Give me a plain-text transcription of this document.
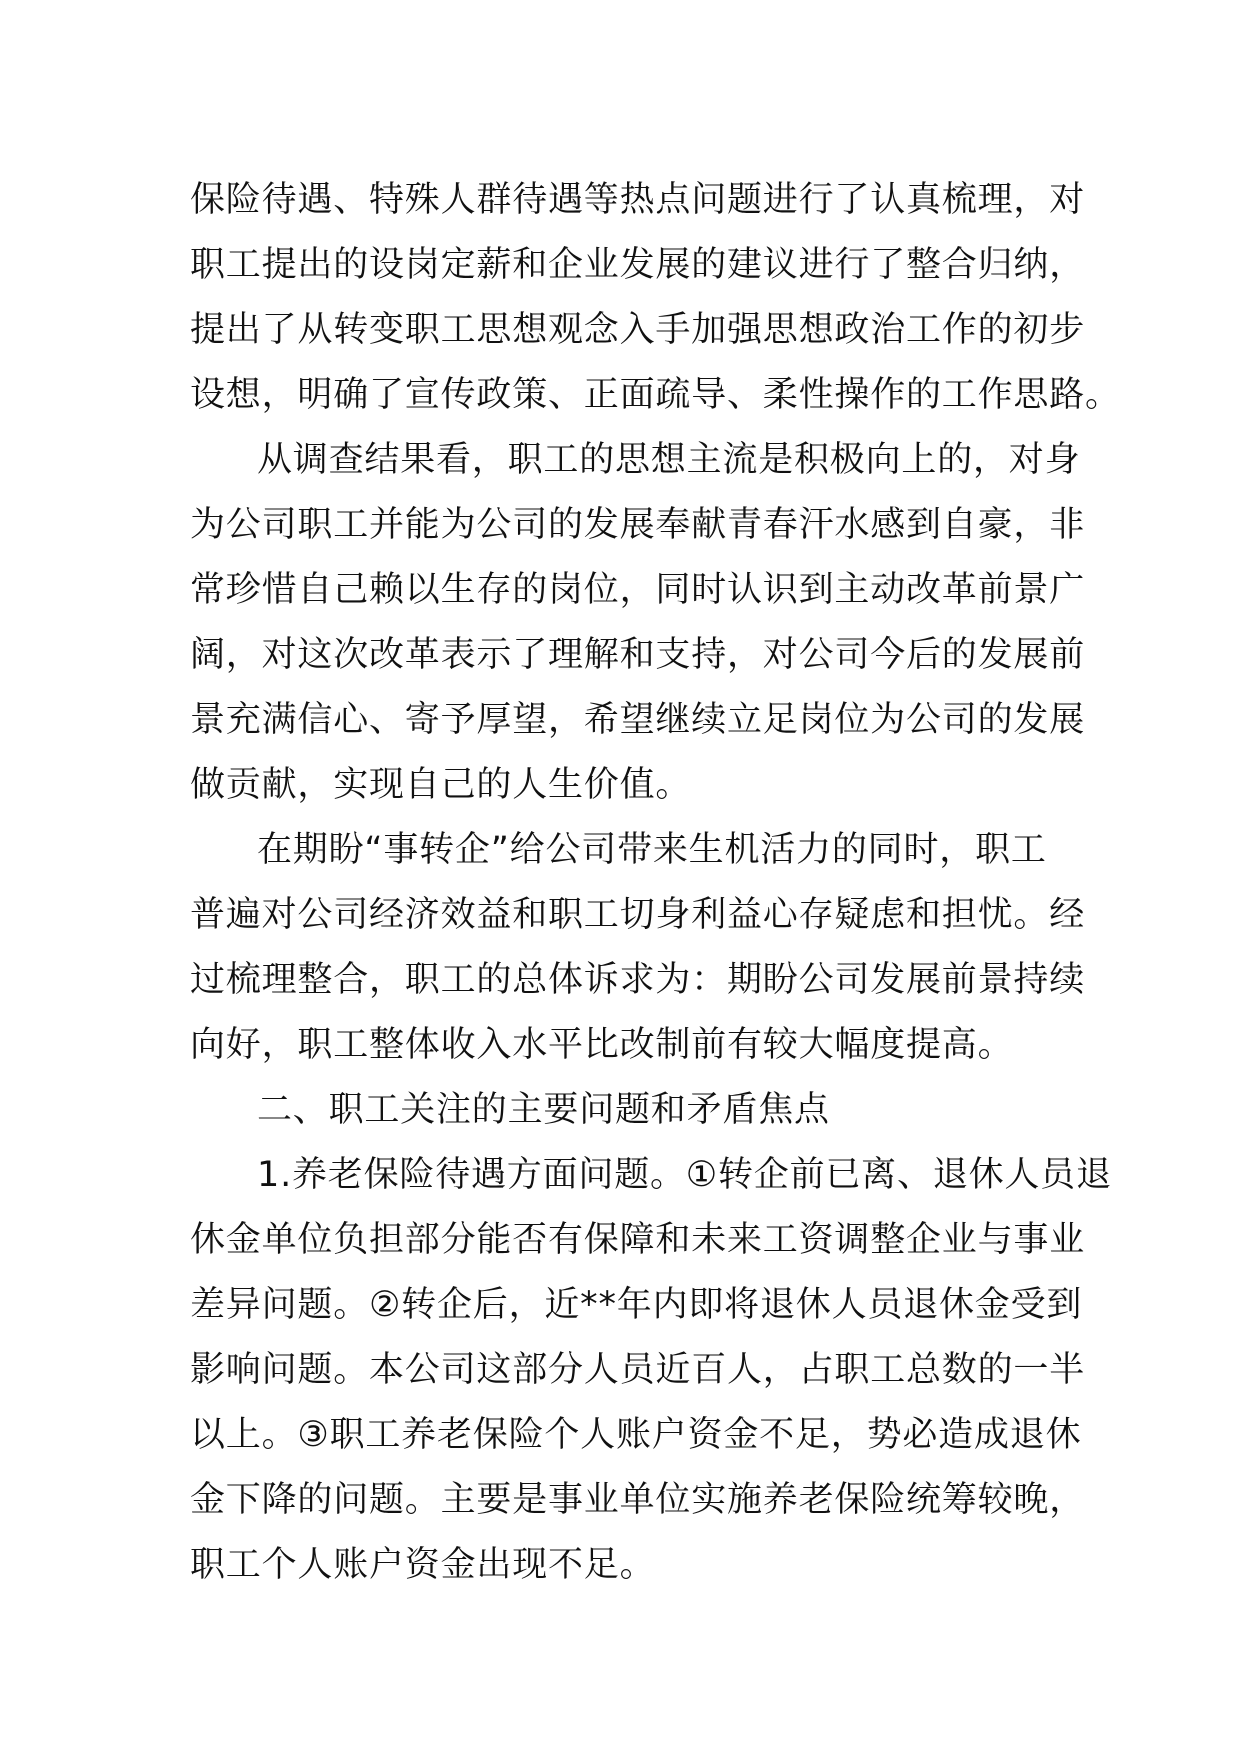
保险待遇、特殊人群待遇等热点问题进行了认真梳理，对

职工提出的设岗定薪和企业发展的建议进行了整合归纳，

提出了从转变职工思想观念入手加强思想政治工作的初步

设想，明确了宣传政策、正面疏导、柔性操作的工作思路。

从调查结果看，职工的思想主流是积极向上的，对身

为公司职工并能为公司的发展奉献青春汗水感到自豪，非

常珍惜自己赖以生存的岗位，同时认识到主动改革前景广

阔，对这次改革表示了理解和支持，对公司今后的发展前

景充满信心、寄予厚望，希望继续立足岗位为公司的发展

做贡献，实现自己的人生价值。

在期盼“事转企”给公司带来生机活力的同时，职工

普遍对公司经济效益和职工切身利益心存疑虑和担忧。经

过梳理整合，职工的总体诉求为：期盼公司发展前景持续

向好，职工整体收入水平比改制前有较大幅度提高。

二、职工关注的主要问题和矛盾焦点

1.养老保险待遇方面问题。①转企前已离、退休人员退

休金单位负担部分能否有保障和未来工资调整企业与事业

差异问题。②转企后，近**年内即将退休人员退休金受到

影响问题。本公司这部分人员近百人，占职工总数的一半

以上。③职工养老保险个人账户资金不足，势必造成退休

金下降的问题。主要是事业单位实施养老保险统筹较晚，

职工个人账户资金出现不足。
